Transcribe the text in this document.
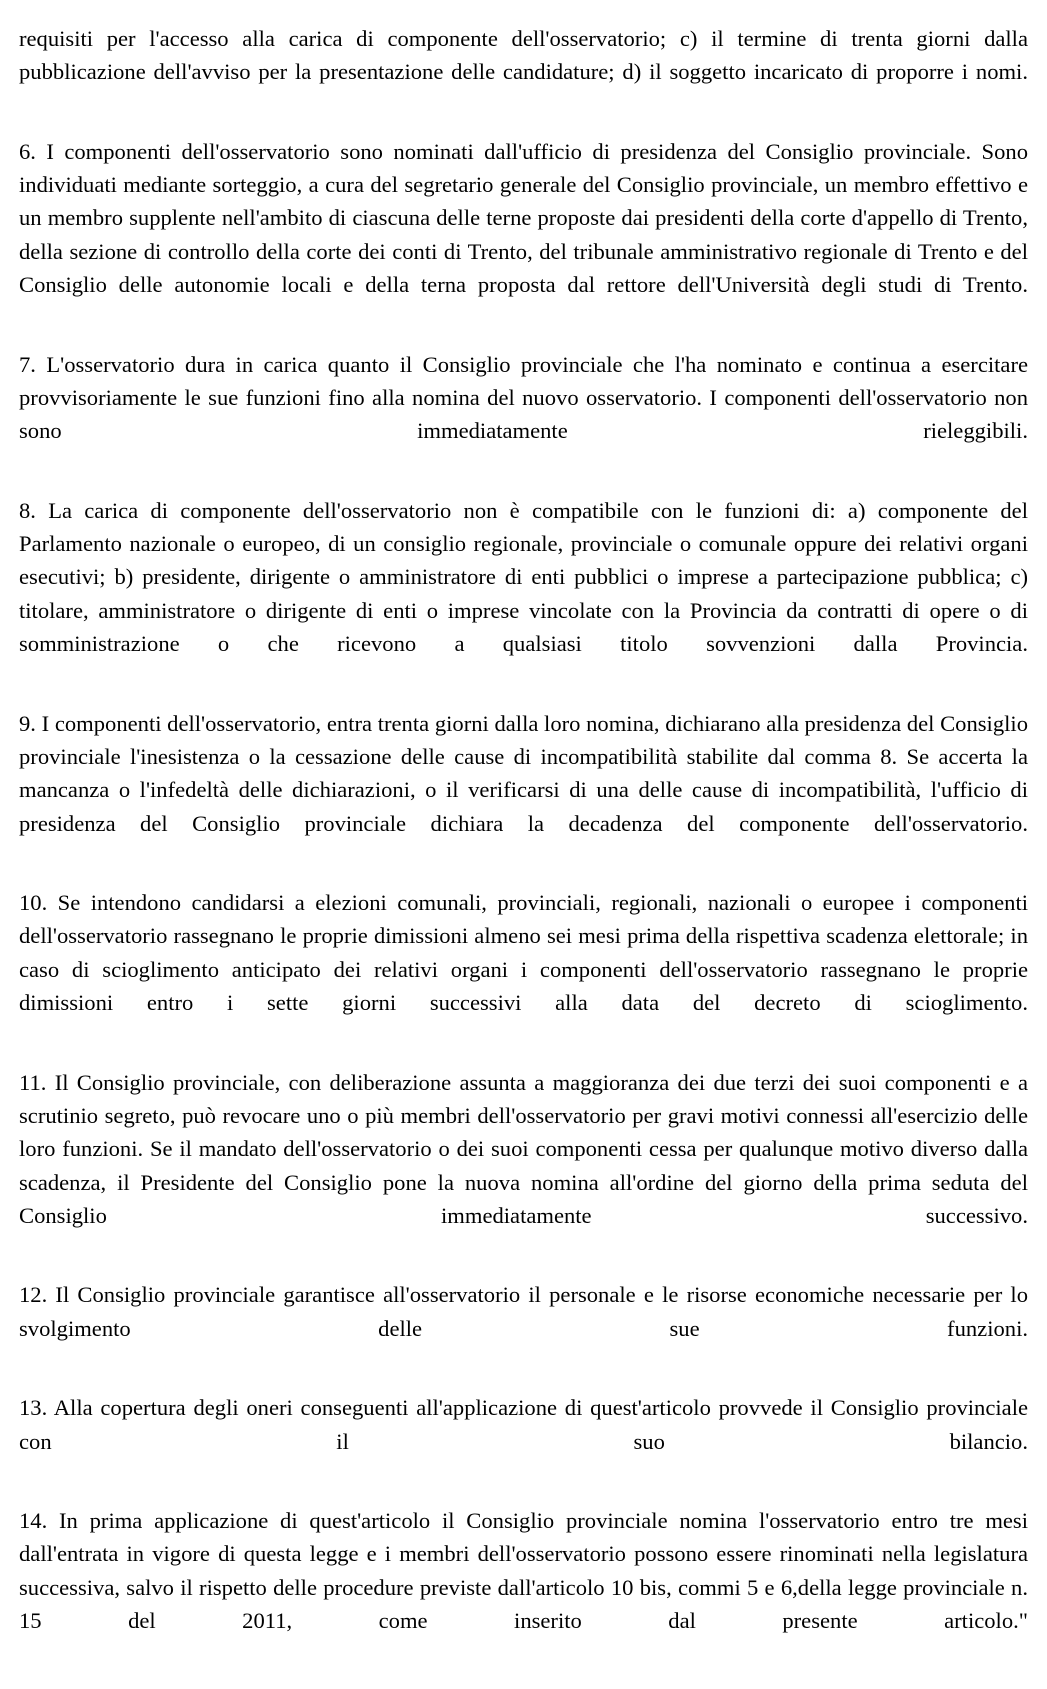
requisiti per l'accesso alla carica di componente dell'osservatorio; c) il termine di trenta giorni dalla pubblicazione dell'avviso per la presentazione delle candidature; d) il soggetto incaricato di proporre i nomi.

6. I componenti dell'osservatorio sono nominati dall'ufficio di presidenza del Consiglio provinciale. Sono individuati mediante sorteggio, a cura del segretario generale del Consiglio provinciale, un membro effettivo e un membro supplente nell'ambito di ciascuna delle terne proposte dai presidenti della corte d'appello di Trento, della sezione di controllo della corte dei conti di Trento, del tribunale amministrativo regionale di Trento e del Consiglio delle autonomie locali e della terna proposta dal rettore dell'Università degli studi di Trento.

7. L'osservatorio dura in carica quanto il Consiglio provinciale che l'ha nominato e continua a esercitare provvisoriamente le sue funzioni fino alla nomina del nuovo osservatorio. I componenti dell'osservatorio non sono immediatamente rieleggibili.

8. La carica di componente dell'osservatorio non è compatibile con le funzioni di: a) componente del Parlamento nazionale o europeo, di un consiglio regionale, provinciale o comunale oppure dei relativi organi esecutivi; b) presidente, dirigente o amministratore di enti pubblici o imprese a partecipazione pubblica; c) titolare, amministratore o dirigente di enti o imprese vincolate con la Provincia da contratti di opere o di somministrazione o che ricevono a qualsiasi titolo sovvenzioni dalla Provincia.

9. I componenti dell'osservatorio, entra trenta giorni dalla loro nomina, dichiarano alla presidenza del Consiglio provinciale l'inesistenza o la cessazione delle cause di incompatibilità stabilite dal comma 8. Se accerta la mancanza o l'infedeltà delle dichiarazioni, o il verificarsi di una delle cause di incompatibilità, l'ufficio di presidenza del Consiglio provinciale dichiara la decadenza del componente dell'osservatorio.

10. Se intendono candidarsi a elezioni comunali, provinciali, regionali, nazionali o europee i componenti dell'osservatorio rassegnano le proprie dimissioni almeno sei mesi prima della rispettiva scadenza elettorale; in caso di scioglimento anticipato dei relativi organi i componenti dell'osservatorio rassegnano le proprie dimissioni entro i sette giorni successivi alla data del decreto di scioglimento.

11. Il Consiglio provinciale, con deliberazione assunta a maggioranza dei due terzi dei suoi componenti e a scrutinio segreto, può revocare uno o più membri dell'osservatorio per gravi motivi connessi all'esercizio delle loro funzioni. Se il mandato dell'osservatorio o dei suoi componenti cessa per qualunque motivo diverso dalla scadenza, il Presidente del Consiglio pone la nuova nomina all'ordine del giorno della prima seduta del Consiglio immediatamente successivo.

12. Il Consiglio provinciale garantisce all'osservatorio il personale e le risorse economiche necessarie per lo svolgimento delle sue funzioni.

13. Alla copertura degli oneri conseguenti all'applicazione di quest'articolo provvede il Consiglio provinciale con il suo bilancio.

14. In prima applicazione di quest'articolo il Consiglio provinciale nomina l'osservatorio entro tre mesi dall'entrata in vigore di questa legge e i membri dell'osservatorio possono essere rinominati nella legislatura successiva, salvo il rispetto delle procedure previste dall'articolo 10 bis, commi 5 e 6,della legge provinciale n. 15 del 2011, come inserito dal presente articolo."
